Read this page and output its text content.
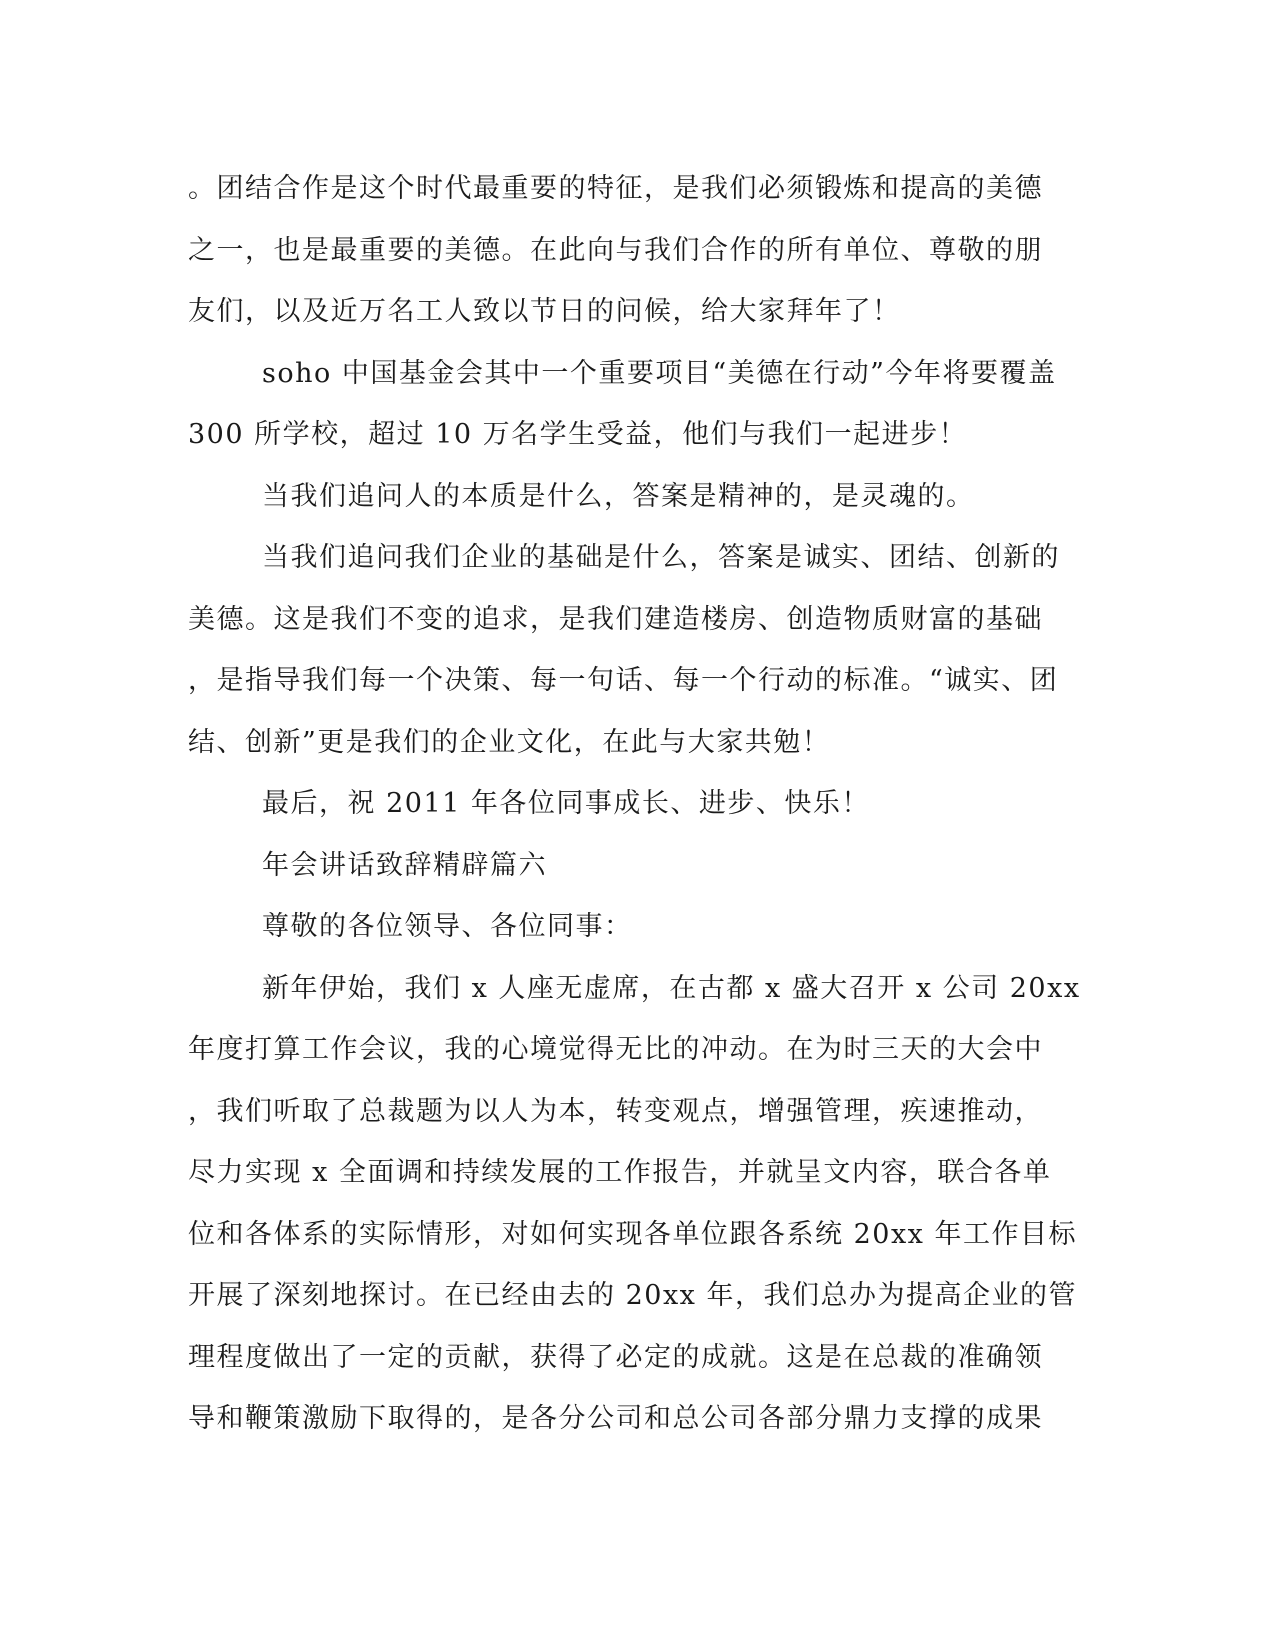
。团结合作是这个时代最重要的特征，是我们必须锻炼和提高的美德
之一，也是最重要的美德。在此向与我们合作的所有单位、尊敬的朋
友们，以及近万名工人致以节日的问候，给大家拜年了！
soho 中国基金会其中一个重要项目“美德在行动”今年将要覆盖
300 所学校，超过 10 万名学生受益，他们与我们一起进步！
当我们追问人的本质是什么，答案是精神的，是灵魂的。
当我们追问我们企业的基础是什么，答案是诚实、团结、创新的
美德。这是我们不变的追求，是我们建造楼房、创造物质财富的基础
，是指导我们每一个决策、每一句话、每一个行动的标准。“诚实、团
结、创新”更是我们的企业文化，在此与大家共勉！
最后，祝 2011 年各位同事成长、进步、快乐！
年会讲话致辞精辟篇六
尊敬的各位领导、各位同事：
新年伊始，我们 x 人座无虚席，在古都 x 盛大召开 x 公司 20xx
年度打算工作会议，我的心境觉得无比的冲动。在为时三天的大会中
，我们听取了总裁题为以人为本，转变观点，增强管理，疾速推动，
尽力实现 x 全面调和持续发展的工作报告，并就呈文内容，联合各单
位和各体系的实际情形，对如何实现各单位跟各系统 20xx 年工作目标
开展了深刻地探讨。在已经由去的 20xx 年，我们总办为提高企业的管
理程度做出了一定的贡献，获得了必定的成就。这是在总裁的准确领
导和鞭策激励下取得的，是各分公司和总公司各部分鼎力支撑的成果
